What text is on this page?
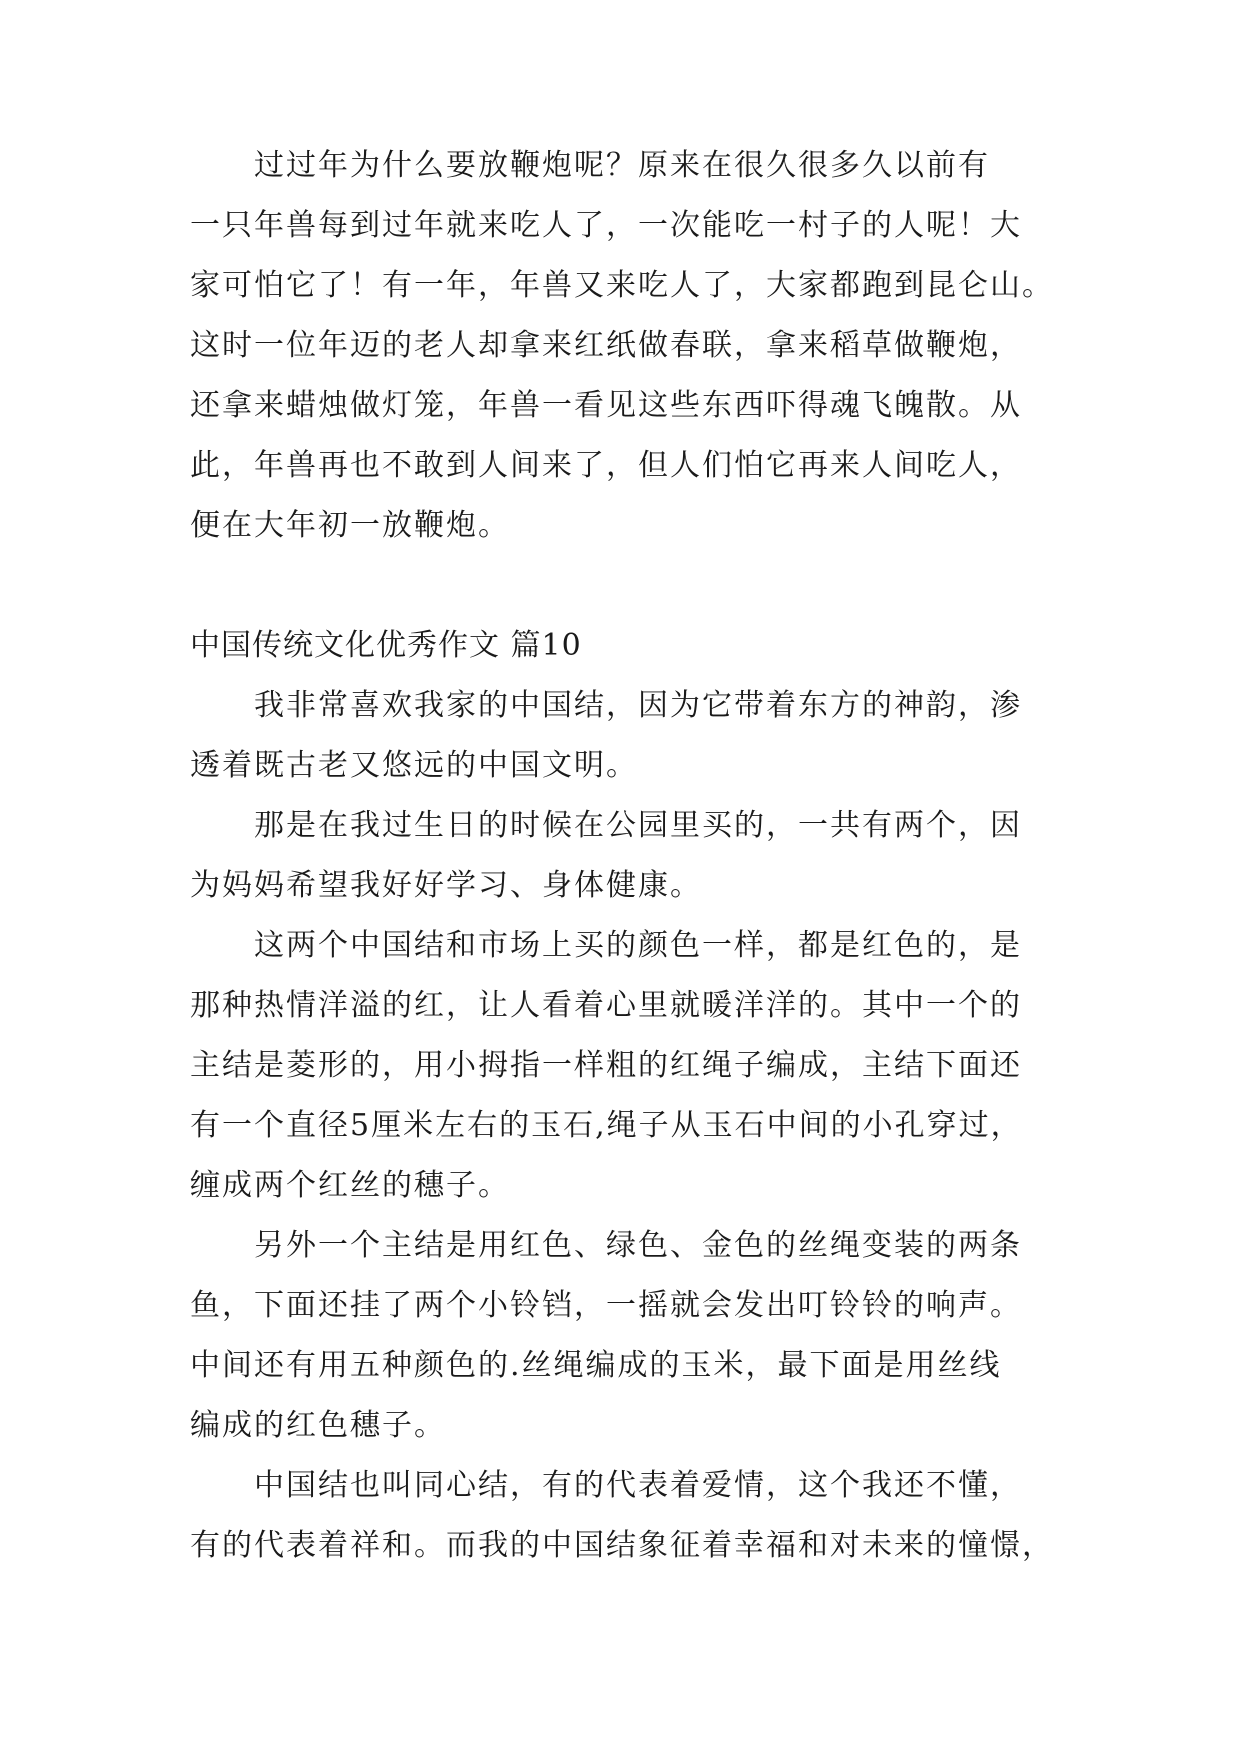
过过年为什么要放鞭炮呢？原来在很久很多久以前有
一只年兽每到过年就来吃人了，一次能吃一村子的人呢！大
家可怕它了！有一年，年兽又来吃人了，大家都跑到昆仑山。
这时一位年迈的老人却拿来红纸做春联，拿来稻草做鞭炮，
还拿来蜡烛做灯笼，年兽一看见这些东西吓得魂飞魄散。从
此，年兽再也不敢到人间来了，但人们怕它再来人间吃人，
便在大年初一放鞭炮。
中国传统文化优秀作文 篇10
我非常喜欢我家的中国结，因为它带着东方的神韵，渗
透着既古老又悠远的中国文明。
那是在我过生日的时候在公园里买的，一共有两个，因
为妈妈希望我好好学习、身体健康。
这两个中国结和市场上买的颜色一样，都是红色的，是
那种热情洋溢的红，让人看着心里就暖洋洋的。其中一个的
主结是菱形的，用小拇指一样粗的红绳子编成，主结下面还
有一个直径5厘米左右的玉石,绳子从玉石中间的小孔穿过，
缠成两个红丝的穗子。
另外一个主结是用红色、绿色、金色的丝绳变装的两条
鱼，下面还挂了两个小铃铛，一摇就会发出叮铃铃的响声。
中间还有用五种颜色的.丝绳编成的玉米，最下面是用丝线
编成的红色穗子。
中国结也叫同心结，有的代表着爱情，这个我还不懂，
有的代表着祥和。而我的中国结象征着幸福和对未来的憧憬，
